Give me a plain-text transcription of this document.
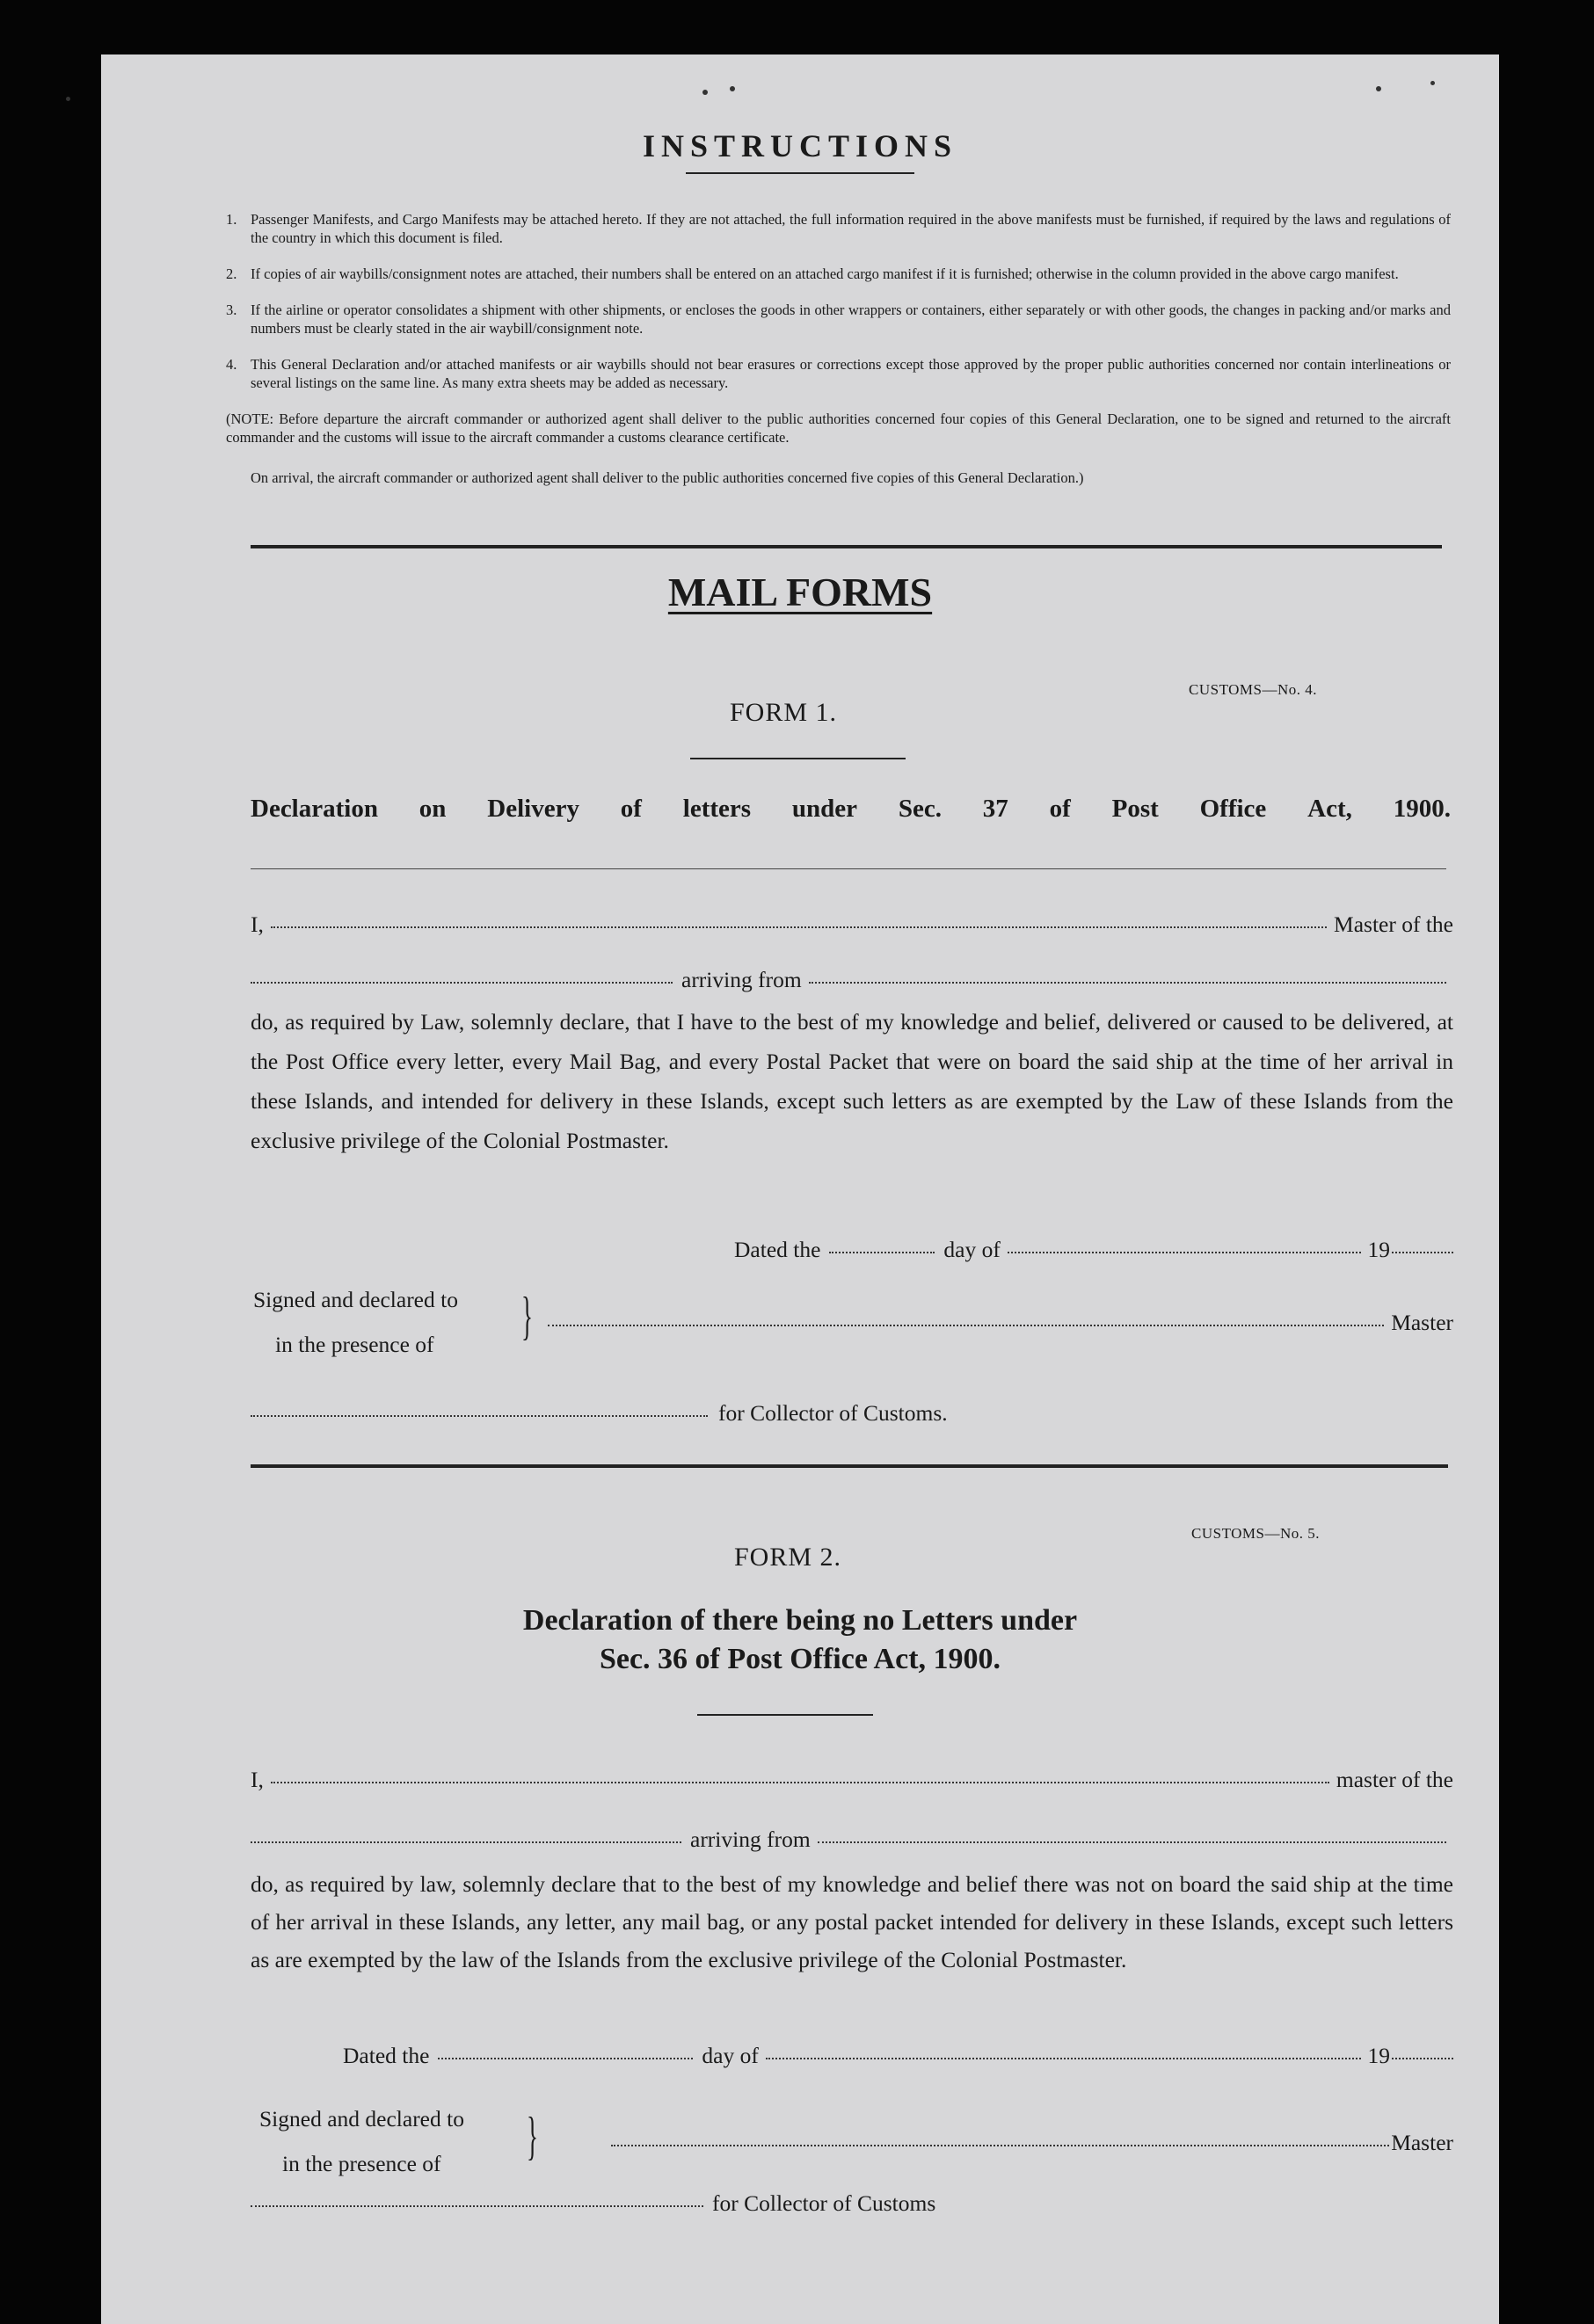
INSTRUCTIONS
1. Passenger Manifests, and Cargo Manifests may be attached hereto. If they are not attached, the full information required in the above manifests must be furnished, if required by the laws and regulations of the country in which this document is filed.
2. If copies of air waybills/consignment notes are attached, their numbers shall be entered on an attached cargo manifest if it is furnished; otherwise in the column provided in the above cargo manifest.
3. If the airline or operator consolidates a shipment with other shipments, or encloses the goods in other wrappers or containers, either separately or with other goods, the changes in packing and/or marks and numbers must be clearly stated in the air waybill/consignment note.
4. This General Declaration and/or attached manifests or air waybills should not bear erasures or corrections except those approved by the proper public authorities concerned nor contain interlineations or several listings on the same line. As many extra sheets may be added as necessary.
(NOTE: Before departure the aircraft commander or authorized agent shall deliver to the public authorities concerned four copies of this General Declaration, one to be signed and returned to the aircraft commander and the customs will issue to the aircraft commander a customs clearance certificate.
On arrival, the aircraft commander or authorized agent shall deliver to the public authorities concerned five copies of this General Declaration.)
MAIL FORMS
CUSTOMS—No. 4.
FORM 1.
Declaration on Delivery of letters under Sec. 37 of Post Office Act, 1900.
I,	Master of the
arriving from
do, as required by Law, solemnly declare, that I have to the best of my knowledge and belief, delivered or caused to be delivered, at the Post Office every letter, every Mail Bag, and every Postal Packet that were on board the said ship at the time of her arrival in these Islands, and intended for delivery in these Islands, except such letters as are exempted by the Law of these Islands from the exclusive privilege of the Colonial Postmaster.
Dated the	day of	19
Signed and declared to
in the presence of }	Master
for Collector of Customs.
CUSTOMS—No. 5.
FORM 2.
Declaration of there being no Letters under
Sec. 36 of Post Office Act, 1900.
I,	master of the
arriving from
do, as required by law, solemnly declare that to the best of my knowledge and belief there was not on board the said ship at the time of her arrival in these Islands, any letter, any mail bag, or any postal packet intended for delivery in these Islands, except such letters as are exempted by the law of the Islands from the exclusive privilege of the Colonial Postmaster.
Dated the	day of	19
Signed and declared to
in the presence of }	Master
for Collector of Customs
